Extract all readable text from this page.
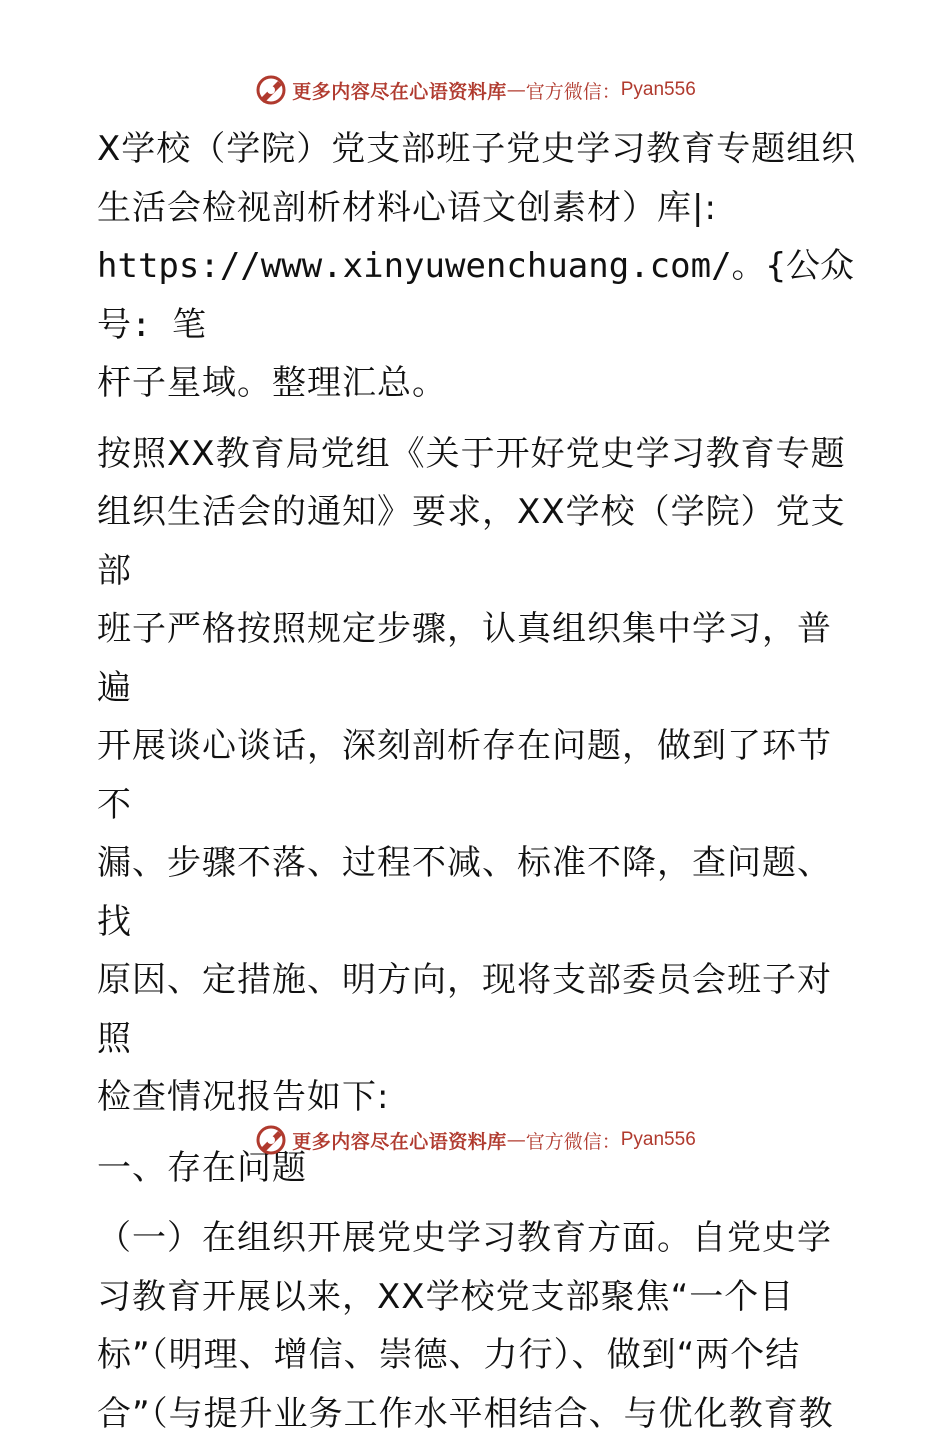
更多内容尽在心语资料库 — 官方微信： Pyan556

X学校（学院）党支部班子党史学习教育专题组织

生活会检视剖析材料心语文创素材）库|:

https://www.xinyuwenchuang.com/。{公众号: 笔

杆子星域。整理汇总。

按照XX教育局党组《关于开好党史学习教育专题

组织生活会的通知》要求，XX学校（学院）党支部

班子严格按照规定步骤，认真组织集中学习，普遍

开展谈心谈话，深刻剖析存在问题，做到了环节不

漏、步骤不落、过程不减、标准不降，查问题、找

原因、定措施、明方向，现将支部委员会班子对照

检查情况报告如下:

一、存在问题

（一）在组织开展党史学习教育方面。自党史学

习教育开展以来，XX学校党支部聚焦“一个目

标”（明理、增信、崇德、力行）、做到“两个结

合”（与提升业务工作水平相结合、与优化教育教

更多内容尽在心语资料库 — 官方微信： Pyan556
